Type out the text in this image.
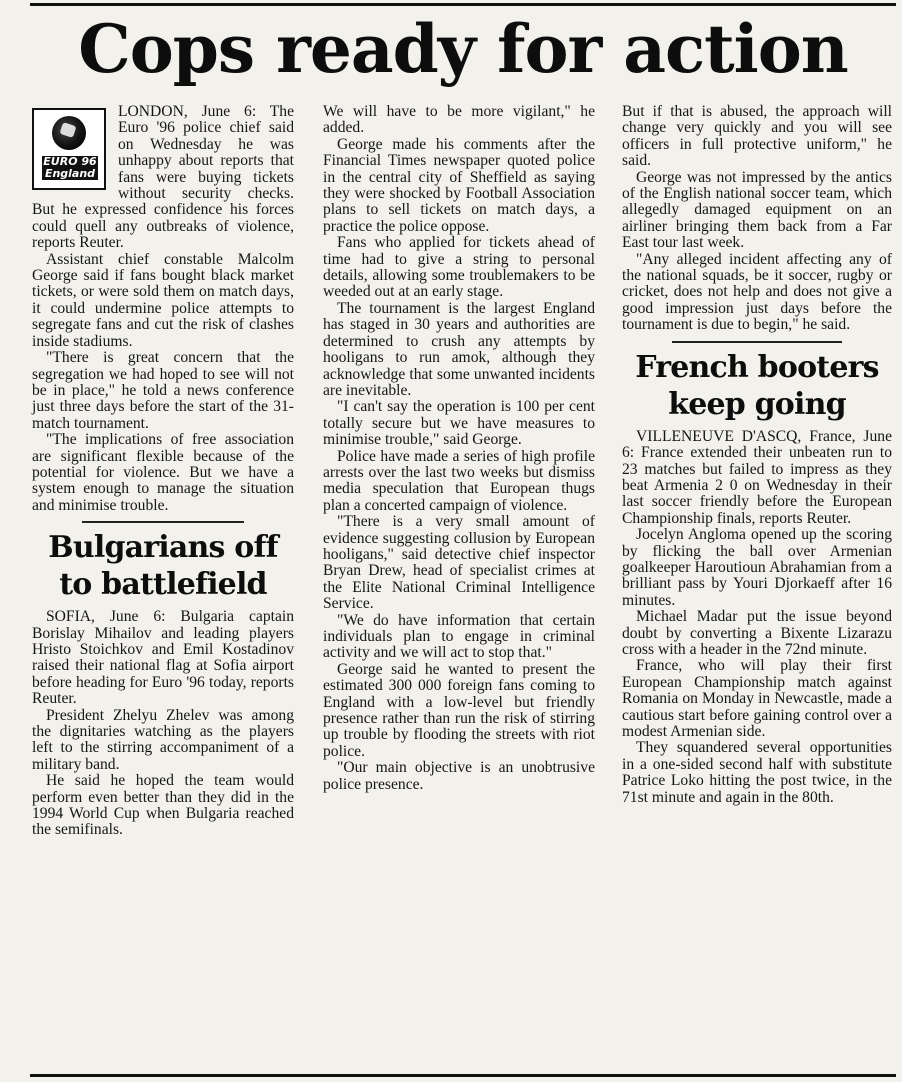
Cops ready for action
EURO 96 England

LONDON, June 6: The Euro '96 police chief said on Wednesday he was unhappy about reports that fans were buying tickets without security checks. But he expressed confidence his forces could quell any outbreaks of violence, reports Reuter.

Assistant chief constable Malcolm George said if fans bought black market tickets, or were sold them on match days, it could undermine police attempts to segregate fans and cut the risk of clashes inside stadiums.

"There is great concern that the segregation we had hoped to see will not be in place," he told a news conference just three days before the start of the 31-match tournament.

"The implications of free association are significant flexible because of the potential for violence. But we have a system enough to manage the situation and minimise trouble.

Bulgarians off to battlefield

SOFIA, June 6: Bulgaria captain Borislay Mihailov and leading players Hristo Stoichkov and Emil Kostadinov raised their national flag at Sofia airport before heading for Euro '96 today, reports Reuter.

President Zhelyu Zhelev was among the dignitaries watching as the players left to the stirring accompaniment of a military band.

He said he hoped the team would perform even better than they did in the 1994 World Cup when Bulgaria reached the semifinals.

We will have to be more vigilant," he added.

George made his comments after the Financial Times newspaper quoted police in the central city of Sheffield as saying they were shocked by Football Association plans to sell tickets on match days, a practice the police oppose.

Fans who applied for tickets ahead of time had to give a string to personal details, allowing some troublemakers to be weeded out at an early stage.

The tournament is the largest England has staged in 30 years and authorities are determined to crush any attempts by hooligans to run amok, although they acknowledge that some unwanted incidents are inevitable.

"I can't say the operation is 100 per cent totally secure but we have measures to minimise trouble," said George.

Police have made a series of high profile arrests over the last two weeks but dismiss media speculation that European thugs plan a concerted campaign of violence.

"There is a very small amount of evidence suggesting collusion by European hooligans," said detective chief inspector Bryan Drew, head of specialist crimes at the Elite National Criminal Intelligence Service.

"We do have information that certain individuals plan to engage in criminal activity and we will act to stop that."

George said he wanted to present the estimated 300 000 foreign fans coming to England with a low-level but friendly presence rather than run the risk of stirring up trouble by flooding the streets with riot police.

"Our main objective is an unobtrusive police presence.

But if that is abused, the approach will change very quickly and you will see officers in full protective uniform," he said.

George was not impressed by the antics of the English national soccer team, which allegedly damaged equipment on an airliner bringing them back from a Far East tour last week.

"Any alleged incident affecting any of the national squads, be it soccer, rugby or cricket, does not help and does not give a good impression just days before the tournament is due to begin," he said.

French booters keep going

VILLENEUVE D'ASCQ, France, June 6: France extended their unbeaten run to 23 matches but failed to impress as they beat Armenia 2 0 on Wednesday in their last soccer friendly before the European Championship finals, reports Reuter.

Jocelyn Angloma opened up the scoring by flicking the ball over Armenian goalkeeper Haroutioun Abrahamian from a brilliant pass by Youri Djorkaeff after 16 minutes.

Michael Madar put the issue beyond doubt by converting a Bixente Lizarazu cross with a header in the 72nd minute.

France, who will play their first European Championship match against Romania on Monday in Newcastle, made a cautious start before gaining control over a modest Armenian side.

They squandered several opportunities in a one-sided second half with substitute Patrice Loko hitting the post twice, in the 71st minute and again in the 80th.
